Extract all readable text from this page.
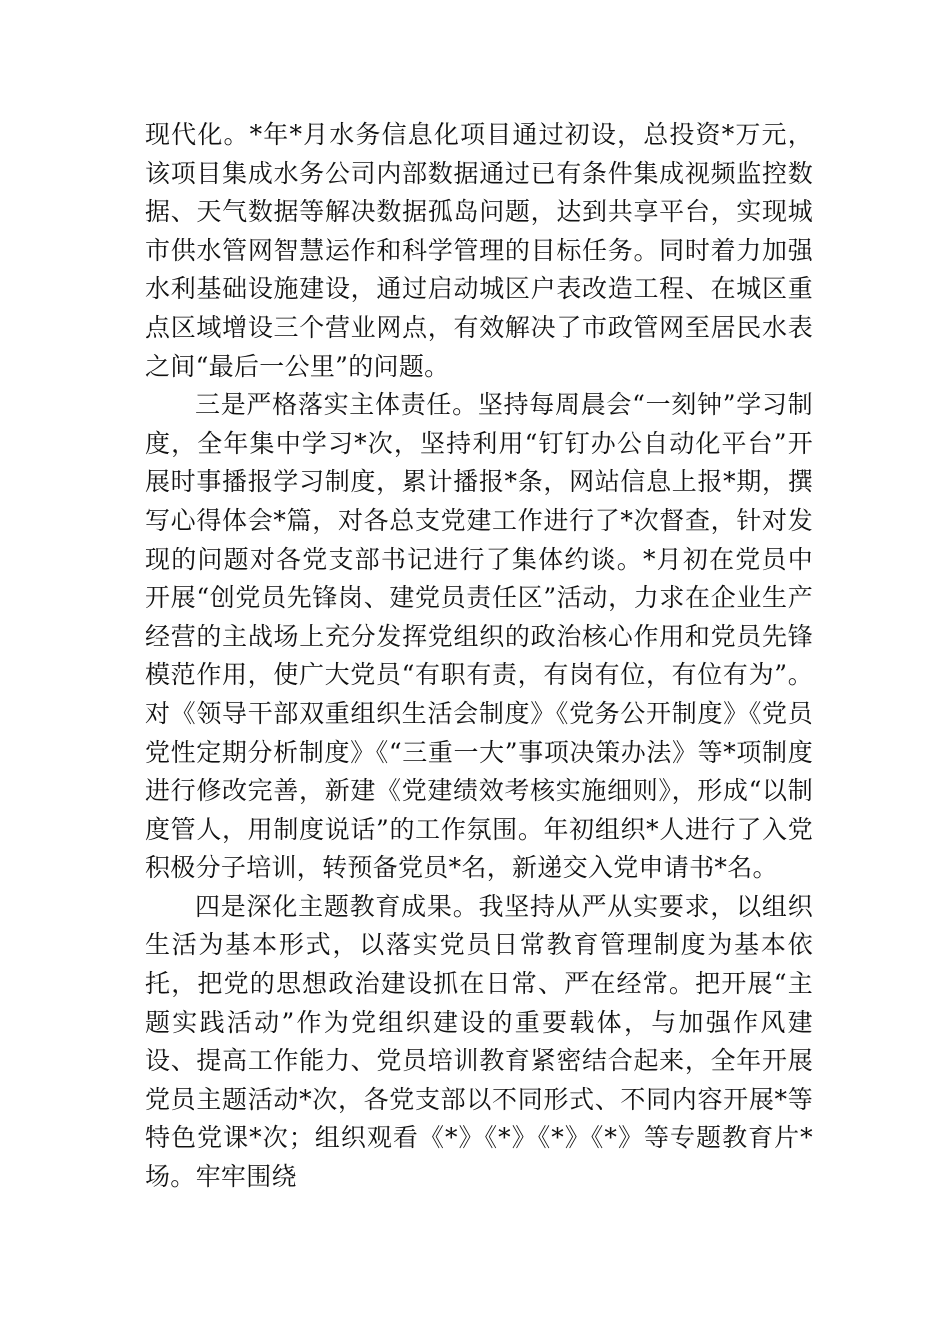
现代化。*年*月水务信息化项目通过初设，总投资*万元，该项目集成水务公司内部数据通过已有条件集成视频监控数据、天气数据等解决数据孤岛问题，达到共享平台，实现城市供水管网智慧运作和科学管理的目标任务。同时着力加强水利基础设施建设，通过启动城区户表改造工程、在城区重点区域增设三个营业网点，有效解决了市政管网至居民水表之间“最后一公里”的问题。

三是严格落实主体责任。坚持每周晨会“一刻钟”学习制度，全年集中学习*次，坚持利用“钉钉办公自动化平台”开展时事播报学习制度，累计播报*条，网站信息上报*期，撰写心得体会*篇，对各总支党建工作进行了*次督查，针对发现的问题对各党支部书记进行了集体约谈。*月初在党员中开展“创党员先锋岗、建党员责任区”活动，力求在企业生产经营的主战场上充分发挥党组织的政治核心作用和党员先锋模范作用，使广大党员“有职有责，有岗有位，有位有为”。对《领导干部双重组织生活会制度》《党务公开制度》《党员党性定期分析制度》《“三重一大”事项决策办法》等*项制度进行修改完善，新建《党建绩效考核实施细则》，形成“以制度管人，用制度说话”的工作氛围。年初组织*人进行了入党积极分子培训，转预备党员*名，新递交入党申请书*名。

四是深化主题教育成果。我坚持从严从实要求，以组织生活为基本形式，以落实党员日常教育管理制度为基本依托，把党的思想政治建设抓在日常、严在经常。把开展“主题实践活动”作为党组织建设的重要载体，与加强作风建设、提高工作能力、党员培训教育紧密结合起来，全年开展党员主题活动*次，各党支部以不同形式、不同内容开展*等特色党课*次；组织观看《*》《*》《*》《*》等专题教育片*场。牢牢围绕
